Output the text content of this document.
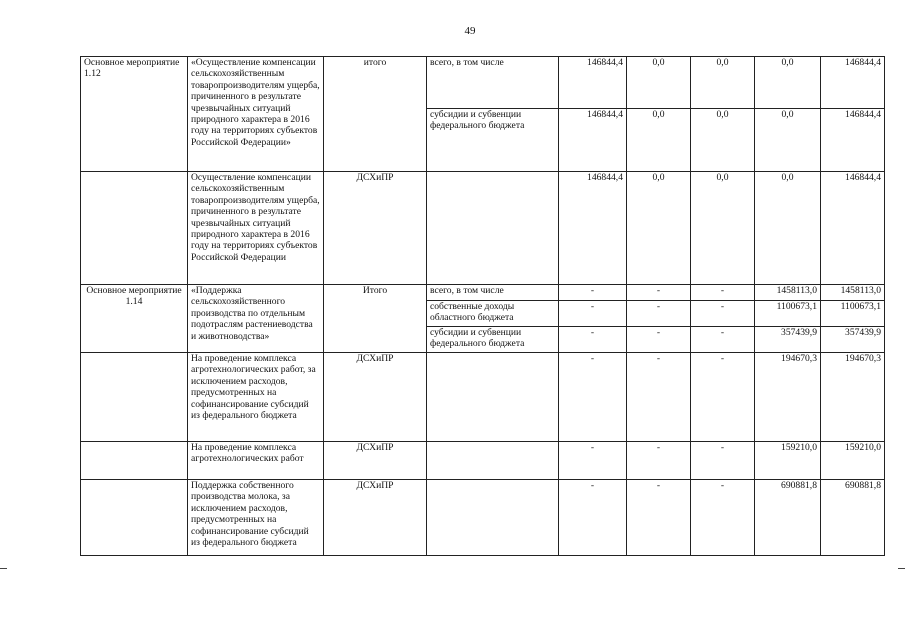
49
Основное мероприятие 1.12	«Осуществление компенсации сельскохозяйственным товаропроизводителям ущерба, причиненного в результате чрезвычайных ситуаций природного характера в 2016 году на территориях субъектов Российской Федерации»	итого	всего, в том числе	146844,4	0,0	0,0	0,0	146844,4
			субсидии и субвенции федерального бюджета	146844,4	0,0	0,0	0,0	146844,4
	Осуществление компенсации сельскохозяйственным товаропроизводителям ущерба, причиненного в результате чрезвычайных ситуаций природного характера в 2016 году на территориях субъектов Российской Федерации	ДСХиПР		146844,4	0,0	0,0	0,0	146844,4
Основное мероприятие 1.14	«Поддержка сельскохозяйственного производства по отдельным подотраслям растениеводства и животноводства»	Итого	всего, в том числе	-	-	-	1458113,0	1458113,0
			собственные доходы областного бюджета	-	-	-	1100673,1	1100673,1
			субсидии и субвенции федерального бюджета	-	-	-	357439,9	357439,9
	На проведение комплекса агротехнологических работ, за исключением расходов, предусмотренных на софинансирование субсидий из федерального бюджета	ДСХиПР		-	-	-	194670,3	194670,3
	На проведение комплекса агротехнологических работ	ДСХиПР		-	-	-	159210,0	159210,0
	Поддержка собственного производства молока, за исключением расходов, предусмотренных на софинансирование субсидий из федерального бюджета	ДСХиПР		-	-	-	690881,8	690881,8
